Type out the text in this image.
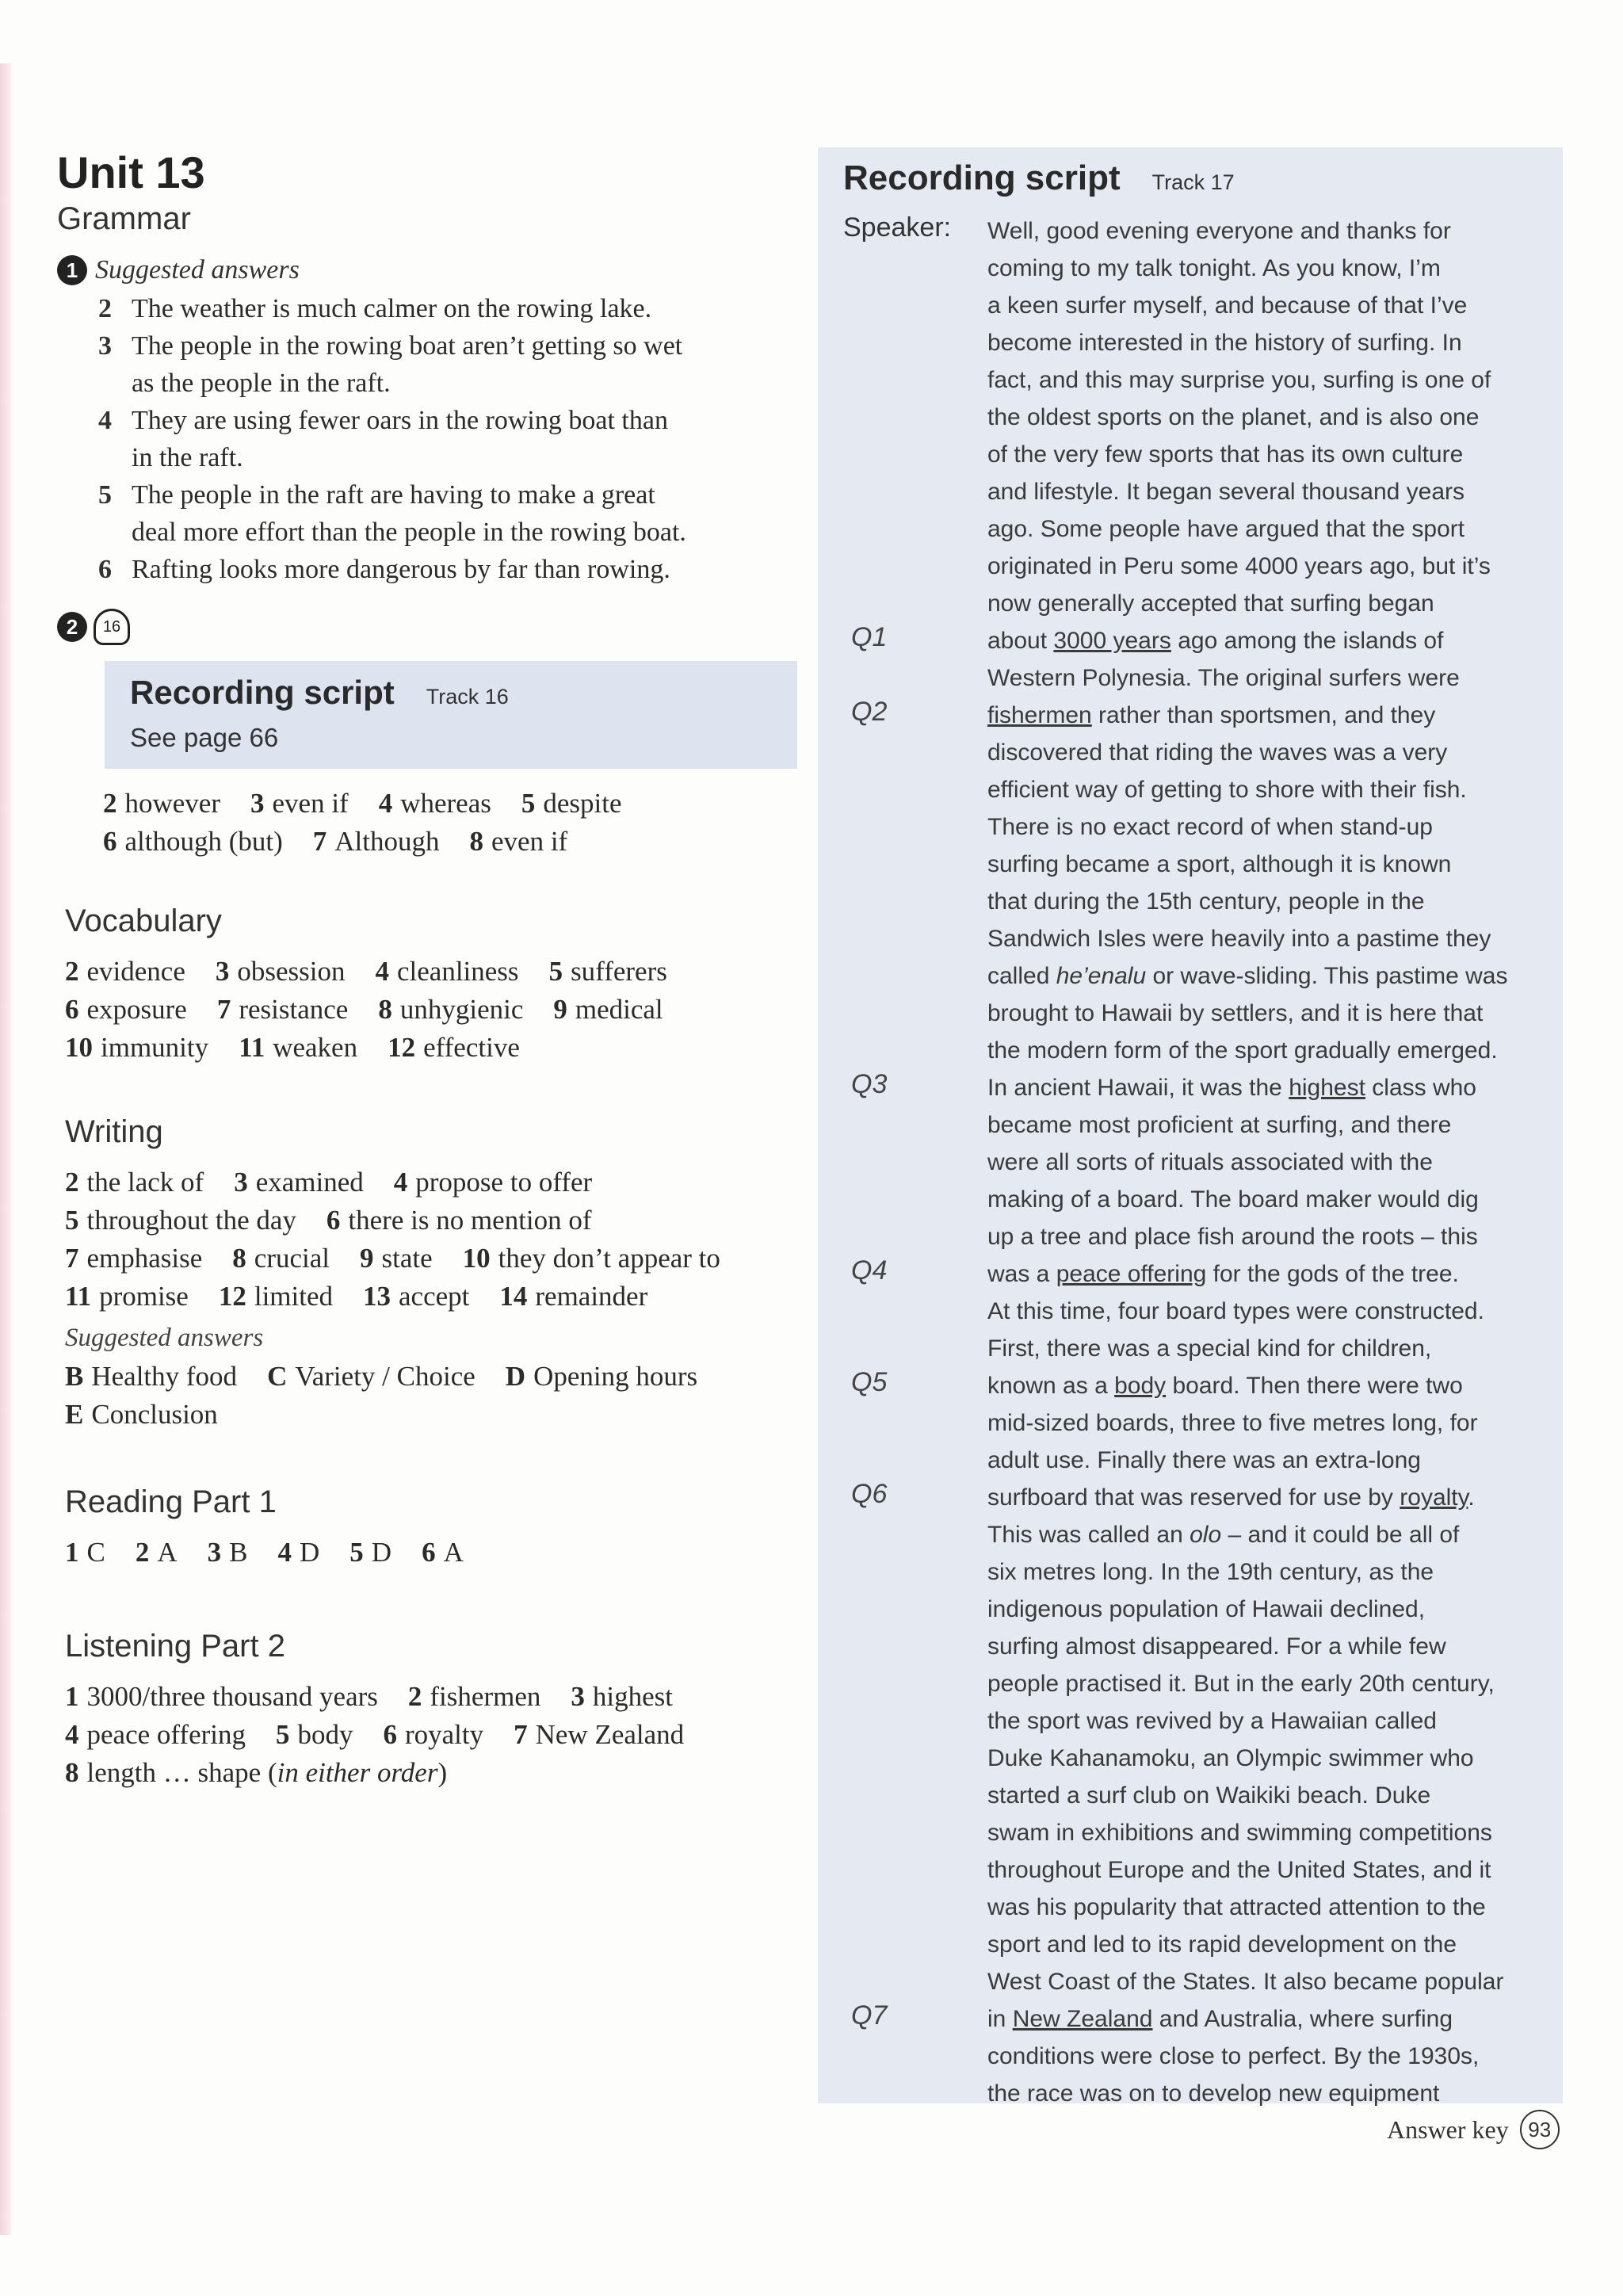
Unit 13
Grammar
1 Suggested answers
2 The weather is much calmer on the rowing lake.
3 The people in the rowing boat aren’t getting so wet
as the people in the raft.
4 They are using fewer oars in the rowing boat than
in the raft.
5 The people in the raft are having to make a great
deal more effort than the people in the rowing boat.
6 Rafting looks more dangerous by far than rowing.
2	16
Recording script Track 16
See page 66
2 however 3 even if 4 whereas 5 despite
6 although (but) 7 Although 8 even if
Vocabulary
2 evidence 3 obsession 4 cleanliness 5 sufferers
6 exposure 7 resistance 8 unhygienic 9 medical
10 immunity 11 weaken 12 effective
Writing
2 the lack of 3 examined 4 propose to offer
5 throughout the day 6 there is no mention of
7 emphasise 8 crucial 9 state 10 they don’t appear to
11 promise 12 limited 13 accept 14 remainder
Suggested answers
B Healthy food C Variety / Choice D Opening hours
E Conclusion
Reading Part 1
1 C 2 A 3 B 4 D 5 D 6 A
Listening Part 2
1 3000/three thousand years 2 fishermen 3 highest
4 peace offering 5 body 6 royalty 7 New Zealand
8 length … shape (in either order)
Recording script Track 17
Speaker: Well, good evening everyone and thanks for
coming to my talk tonight. As you know, I’m
a keen surfer myself, and because of that I’ve
become interested in the history of surfing. In
fact, and this may surprise you, surfing is one of
the oldest sports on the planet, and is also one
of the very few sports that has its own culture
and lifestyle. It began several thousand years
ago. Some people have argued that the sport
originated in Peru some 4000 years ago, but it’s
now generally accepted that surfing began
about 3000 years ago among the islands of
Western Polynesia. The original surfers were
fishermen rather than sportsmen, and they
discovered that riding the waves was a very
efficient way of getting to shore with their fish.
There is no exact record of when stand-up
surfing became a sport, although it is known
that during the 15th century, people in the
Sandwich Isles were heavily into a pastime they
called he’enalu or wave-sliding. This pastime was
brought to Hawaii by settlers, and it is here that
the modern form of the sport gradually emerged.
In ancient Hawaii, it was the highest class who
became most proficient at surfing, and there
were all sorts of rituals associated with the
making of a board. The board maker would dig
up a tree and place fish around the roots – this
was a peace offering for the gods of the tree.
At this time, four board types were constructed.
First, there was a special kind for children,
known as a body board. Then there were two
mid-sized boards, three to five metres long, for
adult use. Finally there was an extra-long
surfboard that was reserved for use by royalty.
This was called an olo – and it could be all of
six metres long. In the 19th century, as the
indigenous population of Hawaii declined,
surfing almost disappeared. For a while few
people practised it. But in the early 20th century,
the sport was revived by a Hawaiian called
Duke Kahanamoku, an Olympic swimmer who
started a surf club on Waikiki beach. Duke
swam in exhibitions and swimming competitions
throughout Europe and the United States, and it
was his popularity that attracted attention to the
sport and led to its rapid development on the
West Coast of the States. It also became popular
in New Zealand and Australia, where surfing
conditions were close to perfect. By the 1930s,
the race was on to develop new equipment
Q1
Q2
Q3
Q4
Q5
Q6
Q7
Answer key 93
